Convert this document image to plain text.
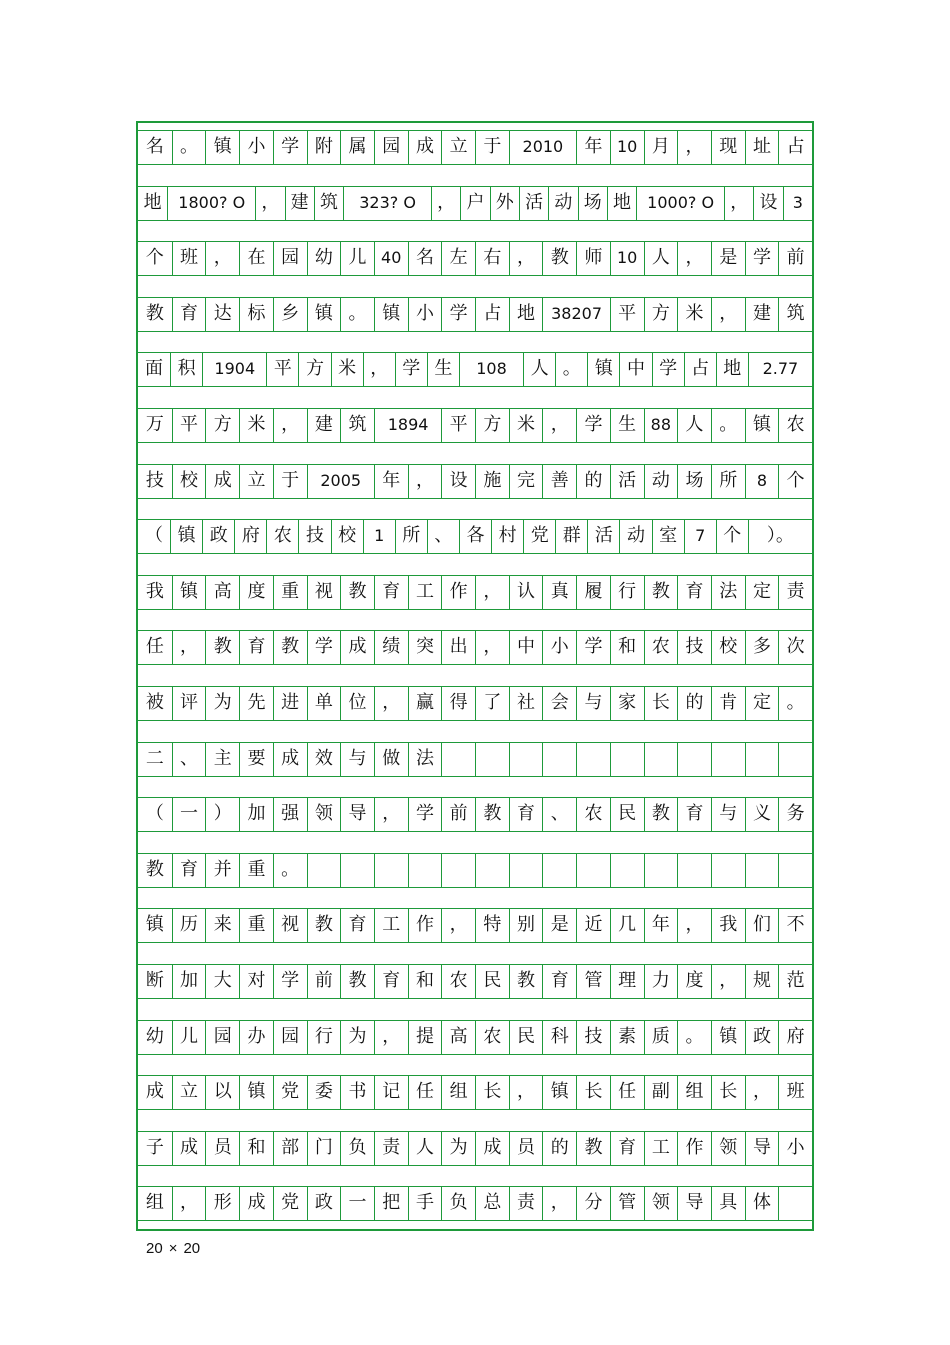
名 。 镇 小 学 附 属 园 成 立 于	2010	年 10 月 ， 现 址 占
地	1800? O ， 建 筑	323? O	， 户 外 活 动 场 地	1000? O ， 设 3
个 班 ， 在 园 幼 儿 40 名 左 右 ， 教 师 10 人 ， 是 学 前
教 育 达 标 乡 镇 。 镇 小 学 占 地	38207 平 方 米 ， 建 筑
面 积	1904	平 方 米 ， 学 生	108	人 。 镇 中 学 占 地	2.77
万 平 方 米 ， 建 筑	1894	平 方 米 ， 学 生 88 人 。 镇 农
技 校 成 立 于	2005	年 ， 设 施 完 善 的 活 动 场 所	8	个
（ 镇 政 府 农 技 校	1	所 、 各 村 党 群 活 动 室	7	个	）。
我 镇 高 度 重 视 教 育 工 作 ， 认 真 履 行 教 育 法 定 责
任 ， 教 育 教 学 成 绩 突 出 ， 中 小 学 和 农 技 校 多 次
被 评 为 先 进 单 位 ， 赢 得 了 社 会 与 家 长 的 肯 定 。
二 、 主 要 成 效 与 做 法
（ 一 ） 加 强 领 导 ， 学 前 教 育 、 农 民 教 育 与 义 务
教 育 并 重 。
镇 历 来 重 视 教 育 工 作 ， 特 别 是 近 几 年 ， 我 们 不
断 加 大 对 学 前 教 育 和 农 民 教 育 管 理 力 度 ， 规 范
幼 儿 园 办 园 行 为 ， 提 高 农 民 科 技 素 质 。 镇 政 府
成 立 以 镇 党 委 书 记 任 组 长 ， 镇 长 任 副 组 长 ， 班
子 成 员 和 部 门 负 责 人 为 成 员 的 教 育 工 作 领 导 小
组 ， 形 成 党 政 一 把 手 负 总 责 ， 分 管 领 导 具 体
20 × 20
